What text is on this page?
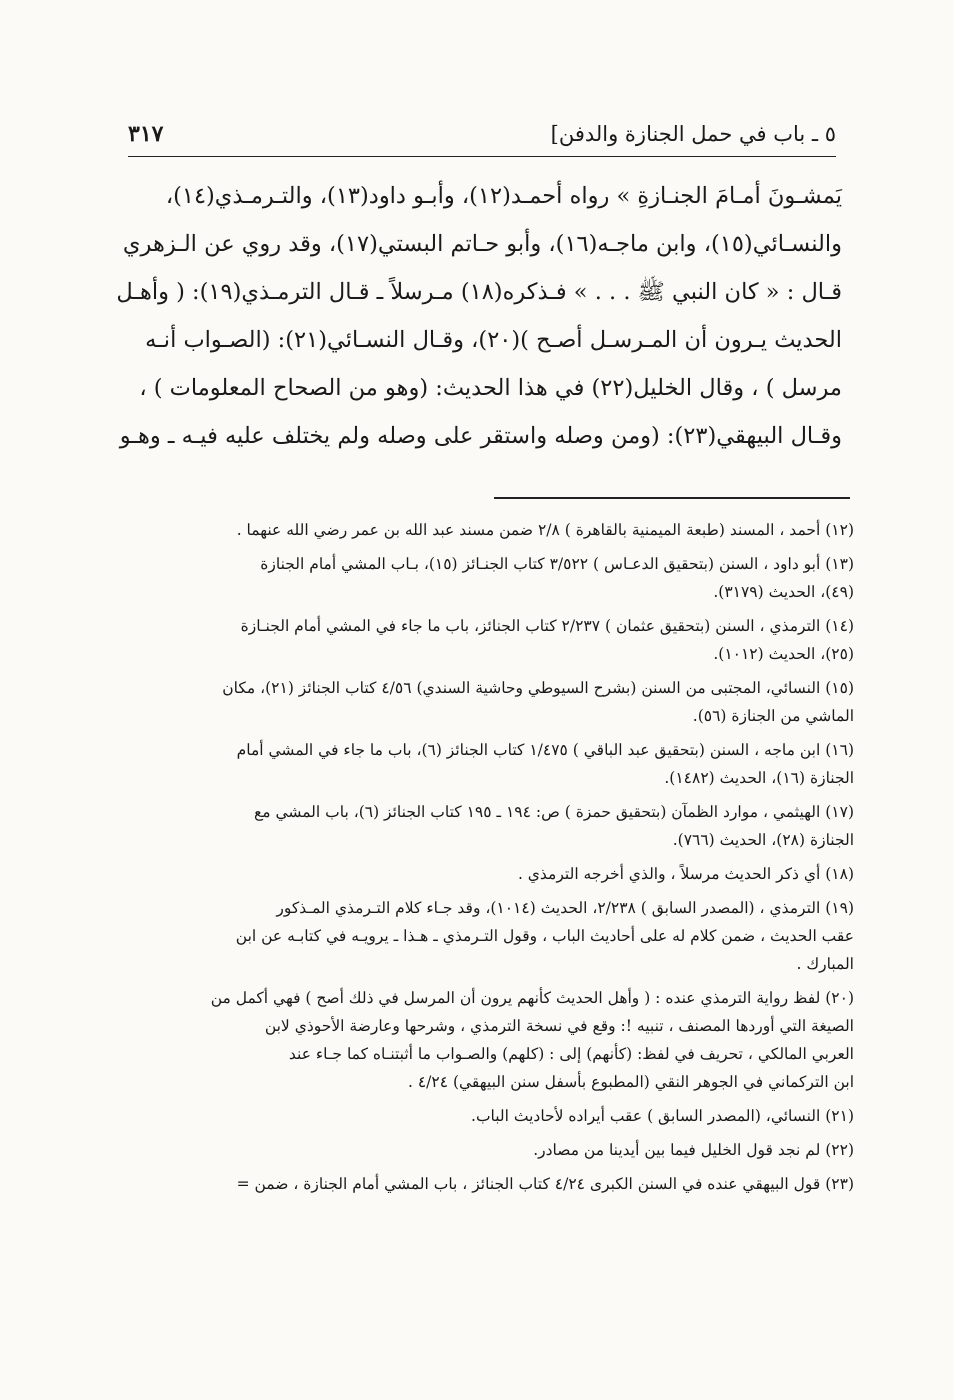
٥ ـ باب في حمل الجنازة والدفن]
٣١٧
يَمشـونَ أمـامَ الجنـازةِ » رواه أحمـد(١٢)، وأبـو داود(١٣)، والتـرمـذي(١٤)،
والنسـائي(١٥)، وابن ماجـه(١٦)، وأبو حـاتم البستي(١٧)، وقد روي عن الـزهري
قـال : « كان النبي ﷺ . . . » فـذكره(١٨) مـرسلاً ـ قـال الترمـذي(١٩): ( وأهـل
الحديث يـرون أن المـرسـل أصـح )(٢٠)، وقـال النسـائي(٢١): (الصـواب أنـه
مرسل ) ، وقال الخليل(٢٢) في هذا الحديث: (وهو من الصحاح المعلومات ) ،
وقـال البيهقي(٢٣): (ومن وصله واستقر على وصله ولم يختلف عليه فيـه ـ وهـو
(١٢) أحمد ، المسند (طبعة الميمنية بالقاهرة ) ٢/٨ ضمن مسند عبد الله بن عمر رضي الله عنهما .
(١٣) أبو داود ، السنن (بتحقيق الدعـاس ) ٣/٥٢٢ كتاب الجنـائز (١٥)، بـاب المشي أمام الجنازة
(٤٩)، الحديث (٣١٧٩).
(١٤) الترمذي ، السنن (بتحقيق عثمان ) ٢/٢٣٧ كتاب الجنائز، باب ما جاء في المشي أمام الجنـازة
(٢٥)، الحديث (١٠١٢).
(١٥) النسائي، المجتبى من السنن (بشرح السيوطي وحاشية السندي) ٤/٥٦ كتاب الجنائز (٢١)، مكان
الماشي من الجنازة (٥٦).
(١٦) ابن ماجه ، السنن (بتحقيق عبد الباقي ) ١/٤٧٥ كتاب الجنائز (٦)، باب ما جاء في المشي أمام
الجنازة (١٦)، الحديث (١٤٨٢).
(١٧) الهيثمي ، موارد الظمآن (بتحقيق حمزة ) ص: ١٩٤ ـ ١٩٥ كتاب الجنائز (٦)، باب المشي مع
الجنازة (٢٨)، الحديث (٧٦٦).
(١٨) أي ذكر الحديث مرسلاً ، والذي أخرجه الترمذي .
(١٩) الترمذي ، (المصدر السابق ) ٢/٢٣٨، الحديث (١٠١٤)، وقد جـاء كلام التـرمذي المـذكور
عقب الحديث ، ضمن كلام له على أحاديث الباب ، وقول التـرمذي ـ هـذا ـ يرويـه في كتابـه عن ابن
المبارك .
(٢٠) لفظ رواية الترمذي عنده : ( وأهل الحديث كأنهم يرون أن المرسل في ذلك أصح ) فهي أكمل من
الصيغة التي أوردها المصنف ، تنبيه !: وقع في نسخة الترمذي ، وشرحها وعارضة الأحوذي لابن
العربي المالكي ، تحريف في لفظ: (كأنهم) إلى : (كلهم) والصـواب ما أثبتنـاه كما جـاء عند
ابن التركماني في الجوهر النقي (المطبوع بأسفل سنن البيهقي) ٤/٢٤ .
(٢١) النسائي، (المصدر السابق ) عقب أيراده لأحاديث الباب.
(٢٢) لم نجد قول الخليل فيما بين أيدينا من مصادر.
(٢٣) قول البيهقي عنده في السنن الكبرى ٤/٢٤ كتاب الجنائز ، باب المشي أمام الجنازة ، ضمن =
